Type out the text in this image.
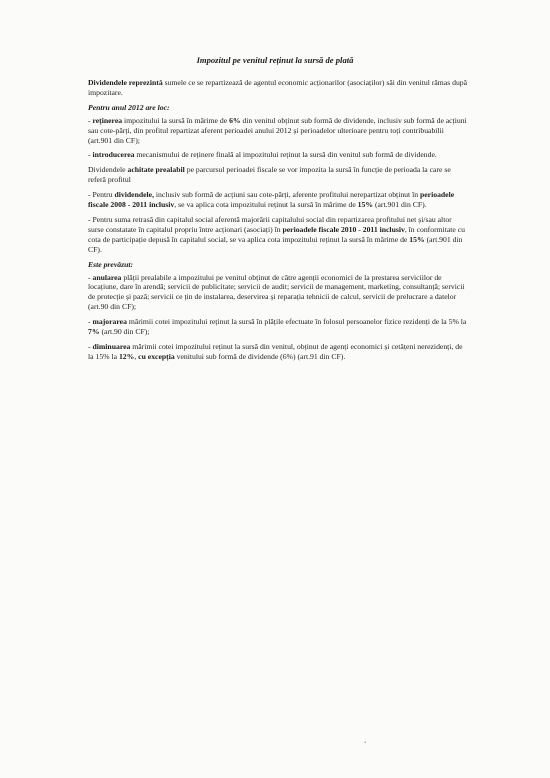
Impozitul pe venitul reținut la sursă de plată

Dividendele reprezintă sumele ce se repartizează de agentul economic acționarilor (asociaților) săi din venitul rămas după impozitare.

Pentru anul 2012 are loc:

- reținerea impozitului la sursă în mărime de 6% din venitul obținut sub formă de dividende, inclusiv sub formă de acțiuni sau cote-părți, din profitul repartizat aferent perioadei anului 2012 și perioadelor ulterioare pentru toți contribuabilii (art.901 din CF);

- introducerea mecanismului de reținere finală al impozitului reținut la sursă din venitul sub formă de dividende.

Dividendele achitate prealabil pe parcursul perioadei fiscale se vor impozita la sursă în funcție de perioada la care se referă profitul

- Pentru dividendele, inclusiv sub formă de acțiuni sau cote-părți, aferente profitului nerepartizat obținut în perioadele fiscale 2008 - 2011 inclusiv, se va aplica cota impozitului reținut la sursă în mărime de 15% (art.901 din CF).

- Pentru suma retrasă din capitalul social aferentă majorării capitalului social din repartizarea profitului net și/sau altor surse constatate în capitalul propriu între acționari (asociați) în perioadele fiscale 2010 - 2011 inclusiv, în conformitate cu cota de participație depusă în capitalul social, se va aplica cota impozitului reținut la sursă în mărime de 15% (art.901 din CF).

Este prevăzut:

- anularea plății prealabile a impozitului pe venitul obținut de către agenții economici de la prestarea serviciilor de locațiune, dare în arendă; servicii de publicitate; servicii de audit; servicii de management, marketing, consultanță; servicii de protecție și pază; servicii ce țin de instalarea, deservirea și reparația tehnicii de calcul, servicii de prelucrare a datelor (art.90 din CF);

- majorarea mărimii cotei impozitului reținut la sursă în plățile efectuate în folosul persoanelor fizice rezidenți de la 5% la 7% (art.90 din CF);

- diminuarea mărimii cotei impozitului reținut la sursă din venitul, obținut de agenți economici și cetățeni nerezidenți, de la 15% la 12%, cu excepția venitului sub formă de dividende (6%) (art.91 din CF).

‘
